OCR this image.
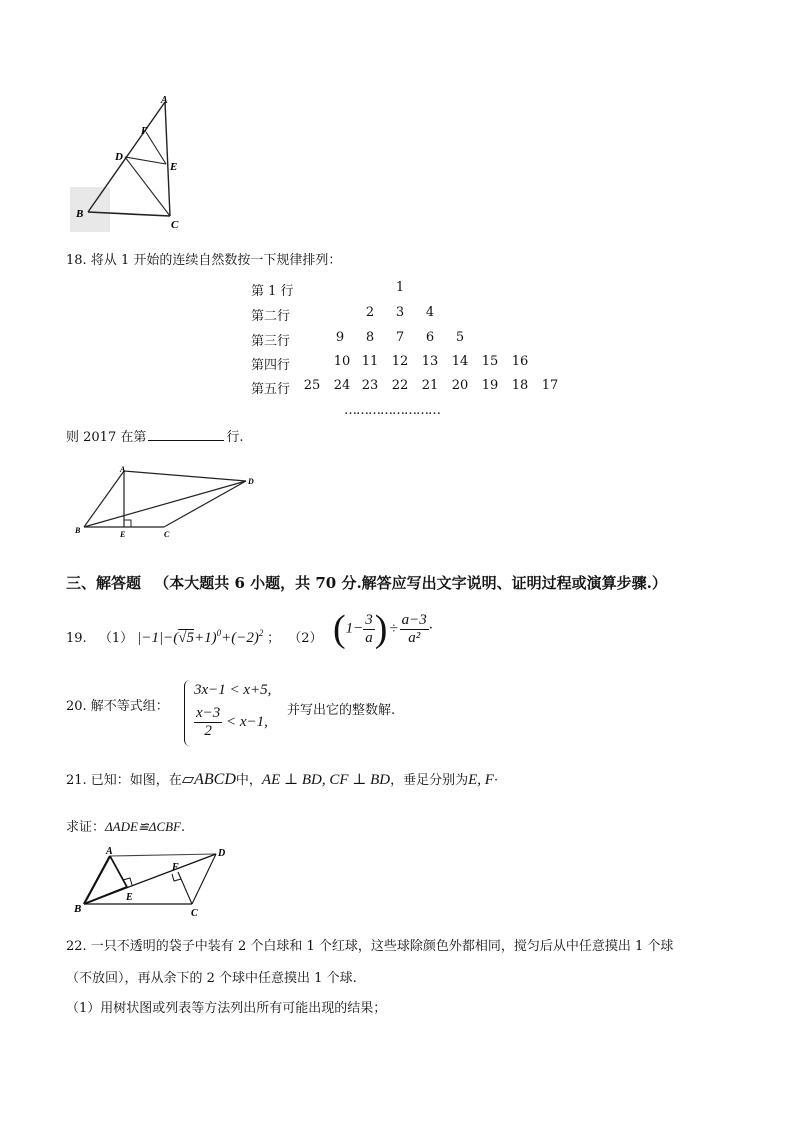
A
F
D
E
B
C
18. 将从 1 开始的连续自然数按一下规律排列：
第 1 行	1
第二行	2	3	4
第三行	9	8	7	6	5
第四行	10 11 12 13 14 15 16
第五行 25 24 23 22 21 20 19 18 17
……………………
则 2017 在第	行.
A
D
B	E	C
三、解答题 （本大题共 6 小题，共 70 分.解答应写出文字说明、证明过程或演算步骤.）
19. （1） $|-1|-(√5+1)^0+(-2)^2$ ； （2） ($1- \frac{3}{a}$ ) ÷ $\frac{a-3}{\text{a²}}$ ·
20. 解不等式组：
3x−1 < x+5,
$\frac{x-3}{2} < x-1$,
并写出它的整数解.
21. 已知：如图，在▱ABCD中，AE ⊥ BD, CF ⊥ BD，垂足分别为E, F·
求证：ΔADE≌ΔCBF.
A	D
F
E
B	C
22. 一只不透明的袋子中装有 2 个白球和 1 个红球，这些球除颜色外都相同，搅匀后从中任意摸出 1 个球
（不放回），再从余下的 2 个球中任意摸出 1 个球.
（1）用树状图或列表等方法列出所有可能出现的结果；
